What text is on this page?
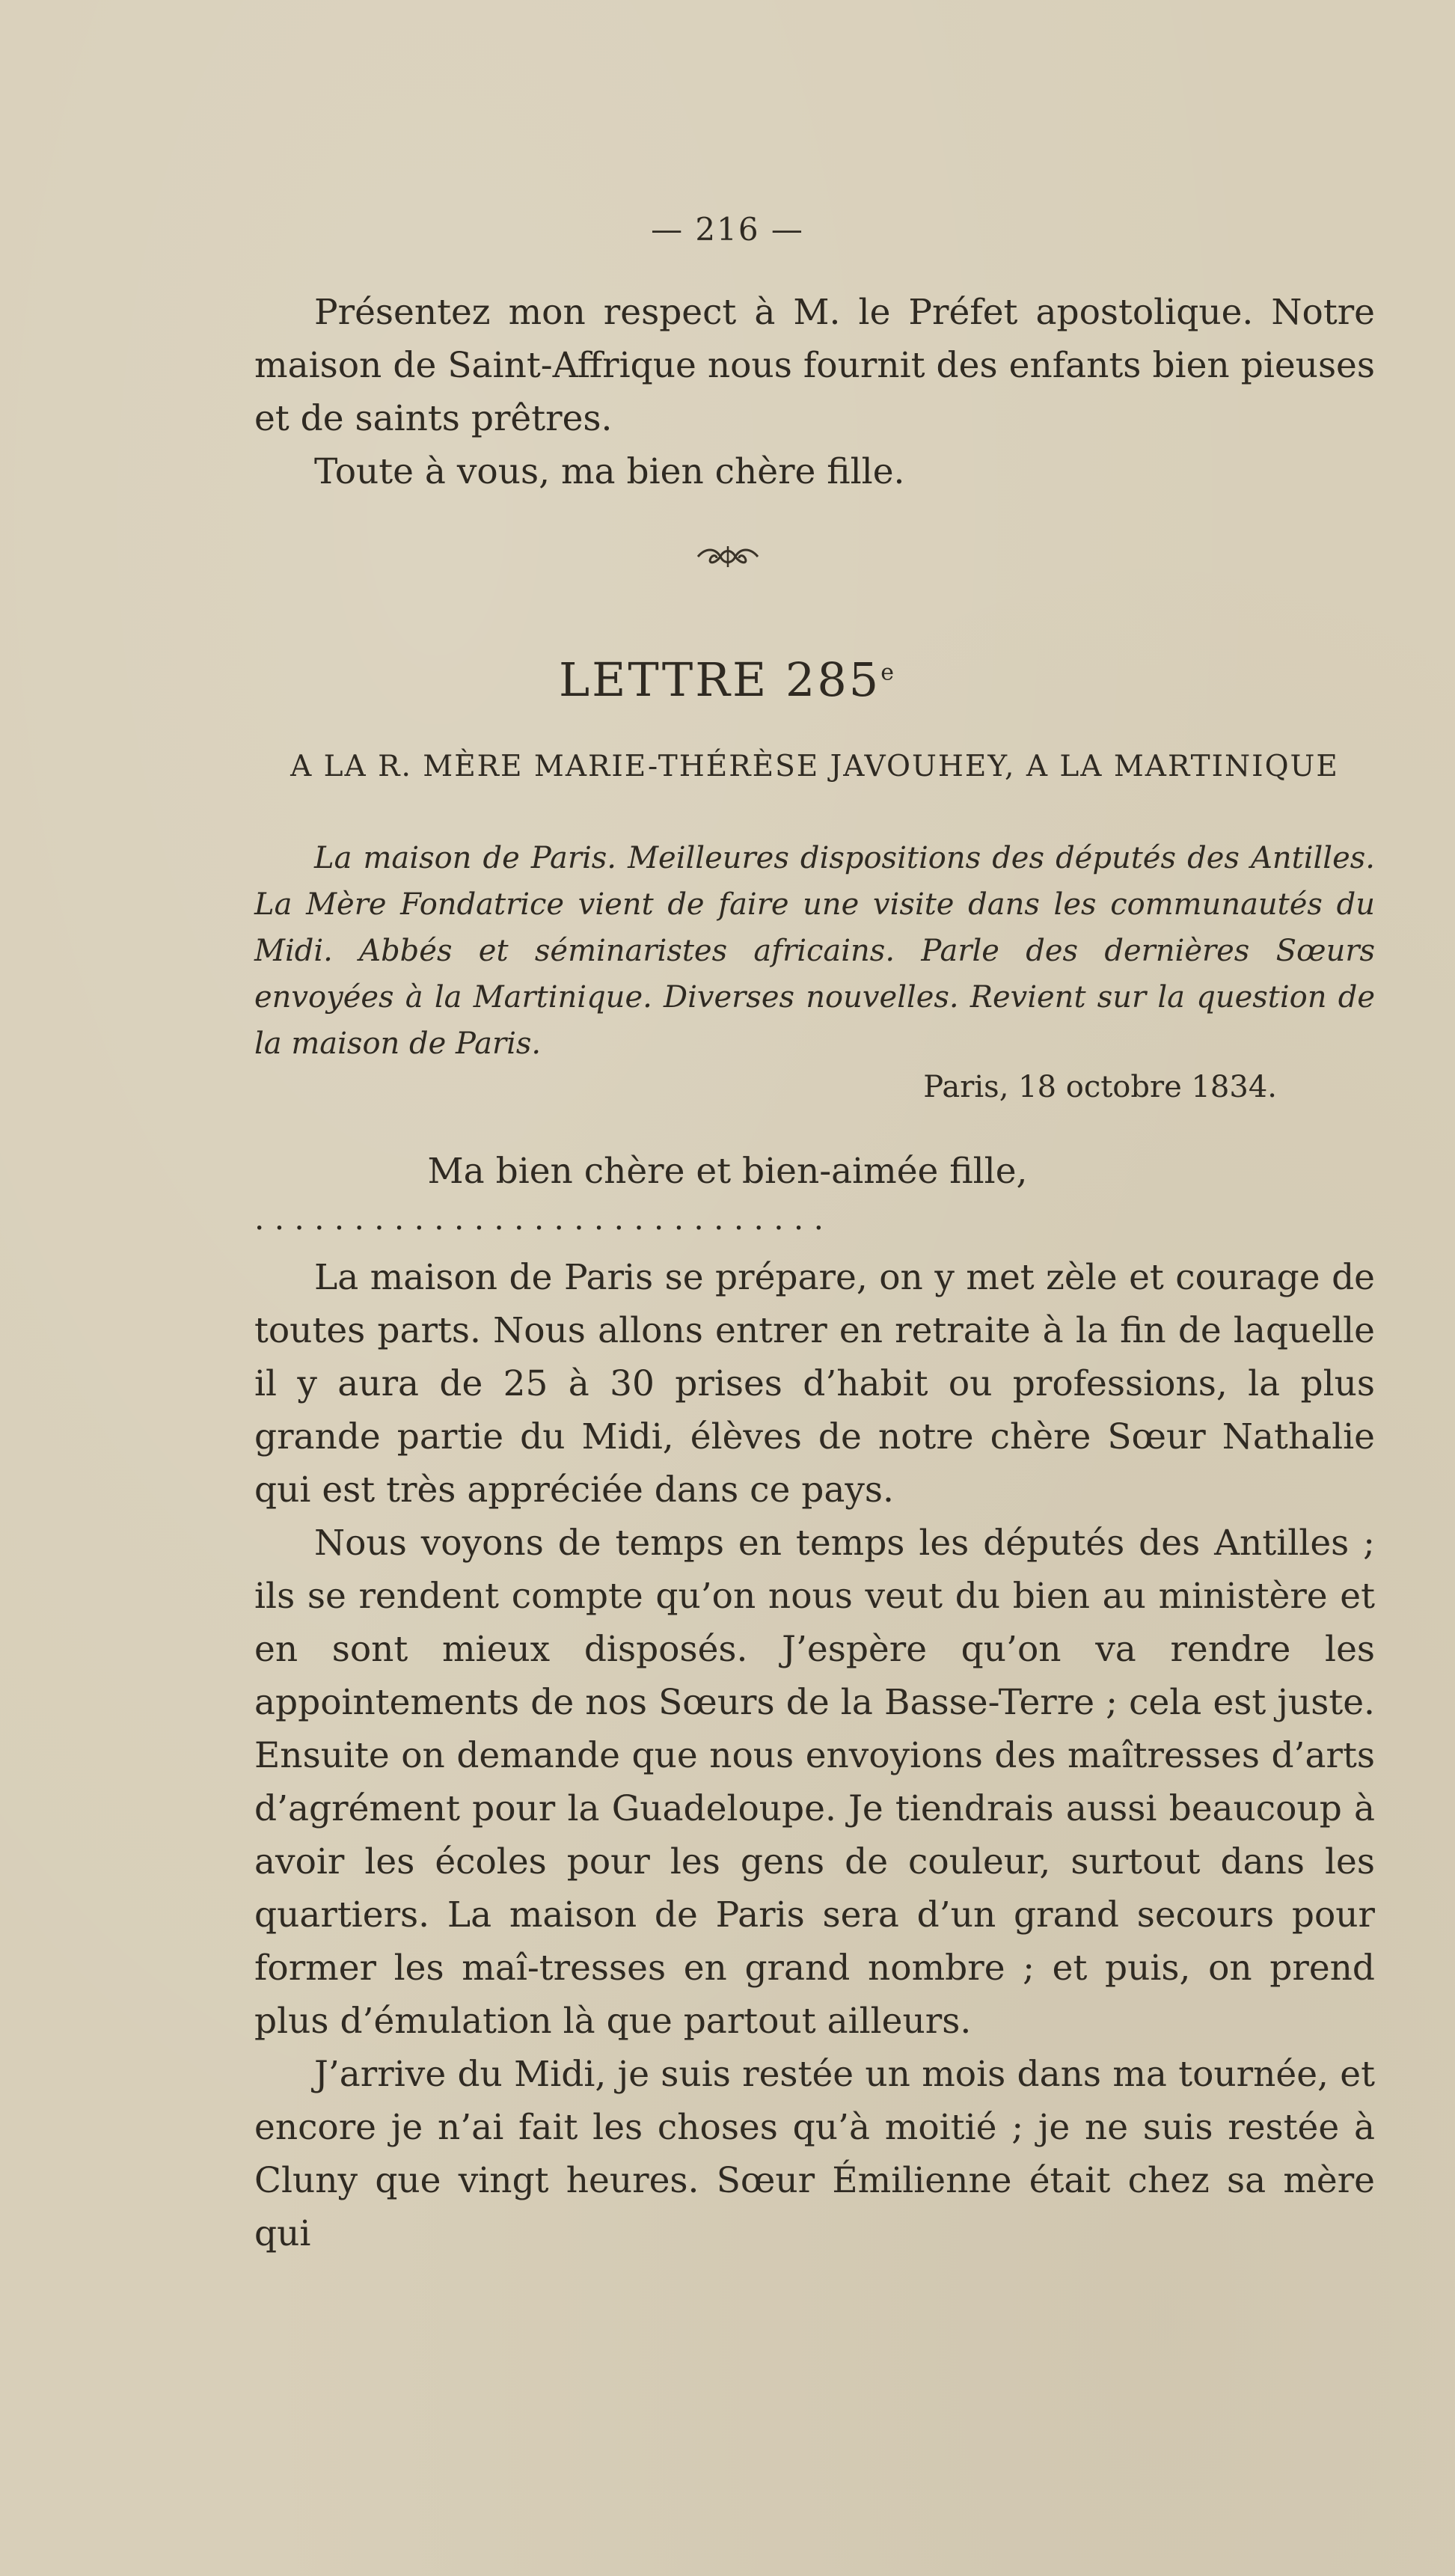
— 216 —

Présentez mon respect à M. le Préfet apostolique. Notre maison de Saint-Affrique nous fournit des enfants bien pieuses et de saints prêtres.

Toute à vous, ma bien chère fille.

LETTRE 285e
A LA R. MÈRE MARIE-THÉRÈSE JAVOUHEY, A LA MARTINIQUE

La maison de Paris. Meilleures dispositions des députés des Antilles. La Mère Fondatrice vient de faire une visite dans les communautés du Midi. Abbés et séminaristes africains. Parle des dernières Sœurs envoyées à la Martinique. Diverses nouvelles. Revient sur la question de la maison de Paris.

Paris, 18 octobre 1834.
Ma bien chère et bien-aimée fille,
. . . . . . . . . . . . . . . . . . . . . . . . . . . . .

La maison de Paris se prépare, on y met zèle et courage de toutes parts. Nous allons entrer en retraite à la fin de laquelle il y aura de 25 à 30 prises d’habit ou professions, la plus grande partie du Midi, élèves de notre chère Sœur Nathalie qui est très appréciée dans ce pays.

Nous voyons de temps en temps les députés des Antilles ; ils se rendent compte qu’on nous veut du bien au ministère et en sont mieux disposés. J’espère qu’on va rendre les appointements de nos Sœurs de la Basse-Terre ; cela est juste. Ensuite on demande que nous envoyions des maîtresses d’arts d’agrément pour la Guadeloupe. Je tiendrais aussi beaucoup à avoir les écoles pour les gens de couleur, surtout dans les quartiers. La maison de Paris sera d’un grand secours pour former les maî-tresses en grand nombre ; et puis, on prend plus d’émulation là que partout ailleurs.

J’arrive du Midi, je suis restée un mois dans ma tournée, et encore je n’ai fait les choses qu’à moitié ; je ne suis restée à Cluny que vingt heures. Sœur Émilienne était chez sa mère qui
